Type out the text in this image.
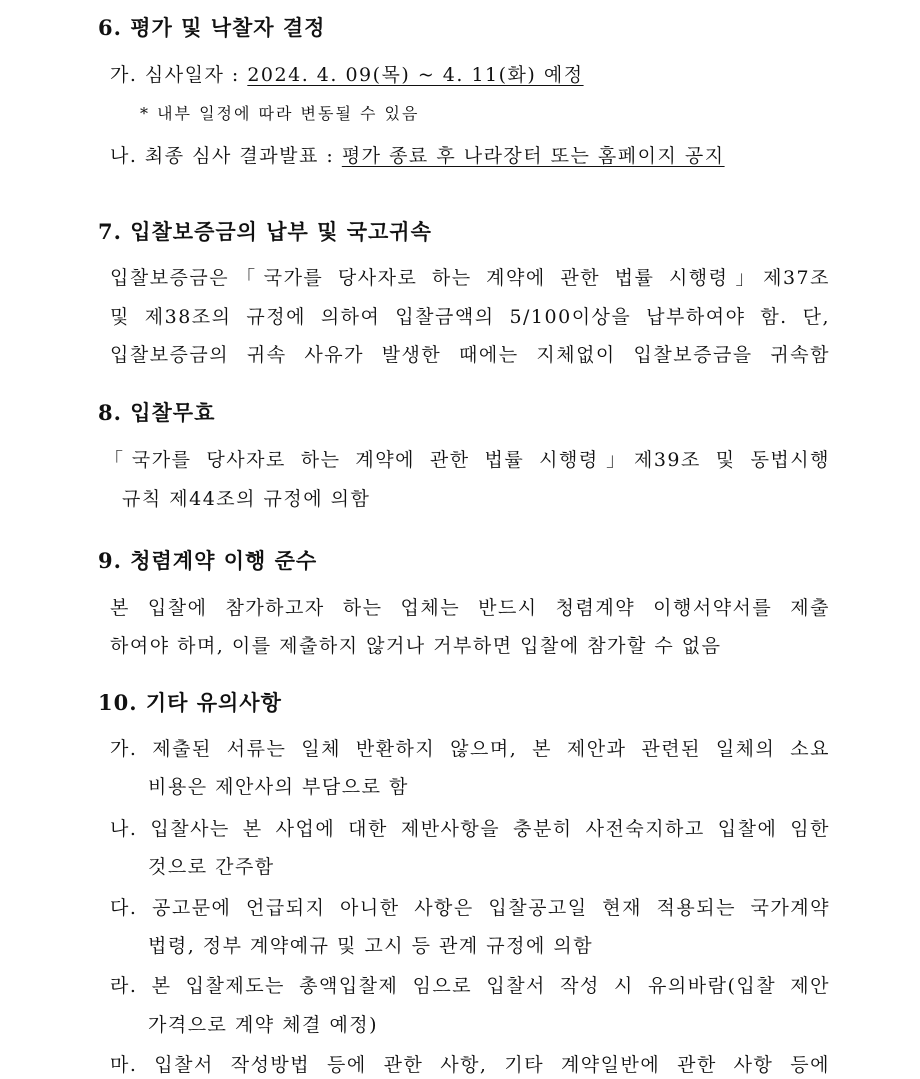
6. 평가 및 낙찰자 결정
가. 심사일자 : 2024. 4. 09(목) ~ 4. 11(화) 예정
* 내부 일정에 따라 변동될 수 있음
나. 최종 심사 결과발표 : 평가 종료 후 나라장터 또는 홈페이지 공지
7. 입찰보증금의 납부 및 국고귀속
입찰보증금은「국가를 당사자로 하는 계약에 관한 법률 시행령」제37조
및 제38조의 규정에 의하여 입찰금액의 5/100이상을 납부하여야 함. 단,
입찰보증금의 귀속 사유가 발생한 때에는 지체없이 입찰보증금을 귀속함
8. 입찰무효
「국가를 당사자로 하는 계약에 관한 법률 시행령」제39조 및 동법시행
규칙 제44조의 규정에 의함
9. 청렴계약 이행 준수
본 입찰에 참가하고자 하는 업체는 반드시 청렴계약 이행서약서를 제출
하여야 하며, 이를 제출하지 않거나 거부하면 입찰에 참가할 수 없음
10. 기타 유의사항
가. 제출된 서류는 일체 반환하지 않으며, 본 제안과 관련된 일체의 소요
비용은 제안사의 부담으로 함
나. 입찰사는 본 사업에 대한 제반사항을 충분히 사전숙지하고 입찰에 임한
것으로 간주함
다. 공고문에 언급되지 아니한 사항은 입찰공고일 현재 적용되는 국가계약
법령, 정부 계약예규 및 고시 등 관계 규정에 의함
라. 본 입찰제도는 총액입찰제 임으로 입찰서 작성 시 유의바람(입찰 제안
가격으로 계약 체결 예정)
마. 입찰서 작성방법 등에 관한 사항, 기타 계약일반에 관한 사항 등에
